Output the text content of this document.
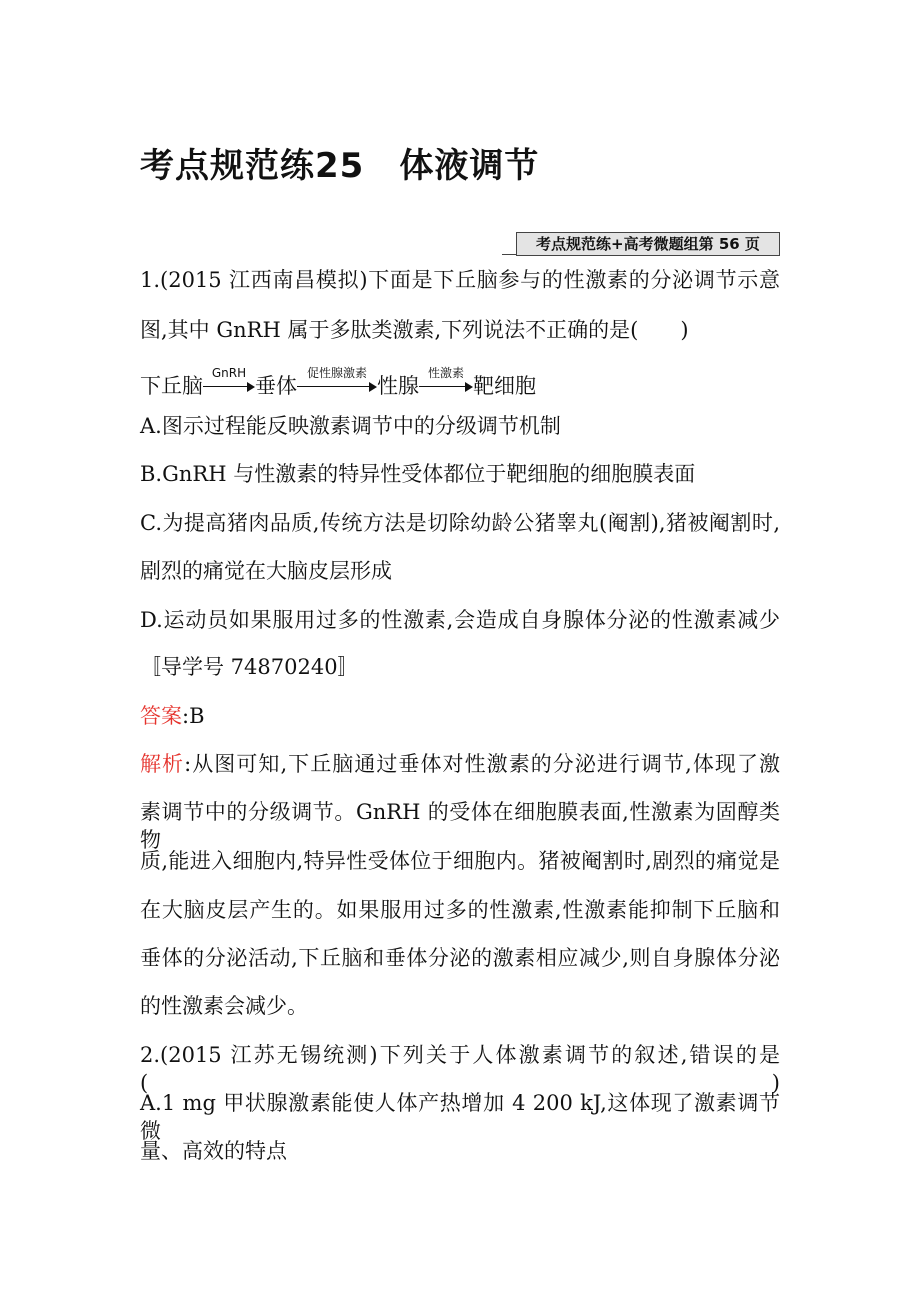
考点规范练25　体液调节
考点规范练+高考微题组第 56 页
1.(2015 江西南昌模拟)下面是下丘脑参与的性激素的分泌调节示意
图,其中 GnRH 属于多肽类激素,下列说法不正确的是(　　)
下丘脑
GnRH
垂体
促性腺激素
性腺
性激素
靶细胞
A.图示过程能反映激素调节中的分级调节机制
B.GnRH 与性激素的特异性受体都位于靶细胞的细胞膜表面
C.为提高猪肉品质,传统方法是切除幼龄公猪睾丸(阉割),猪被阉割时,
剧烈的痛觉在大脑皮层形成
D.运动员如果服用过多的性激素,会造成自身腺体分泌的性激素减少
〚导学号 74870240〛
答案:B
解析:从图可知,下丘脑通过垂体对性激素的分泌进行调节,体现了激
素调节中的分级调节。GnRH 的受体在细胞膜表面,性激素为固醇类物
质,能进入细胞内,特异性受体位于细胞内。猪被阉割时,剧烈的痛觉是
在大脑皮层产生的。如果服用过多的性激素,性激素能抑制下丘脑和
垂体的分泌活动,下丘脑和垂体分泌的激素相应减少,则自身腺体分泌
的性激素会减少。
2.(2015 江苏无锡统测)下列关于人体激素调节的叙述,错误的是(　　)
A.1 mg 甲状腺激素能使人体产热增加 4 200 kJ,这体现了激素调节微
量、高效的特点
